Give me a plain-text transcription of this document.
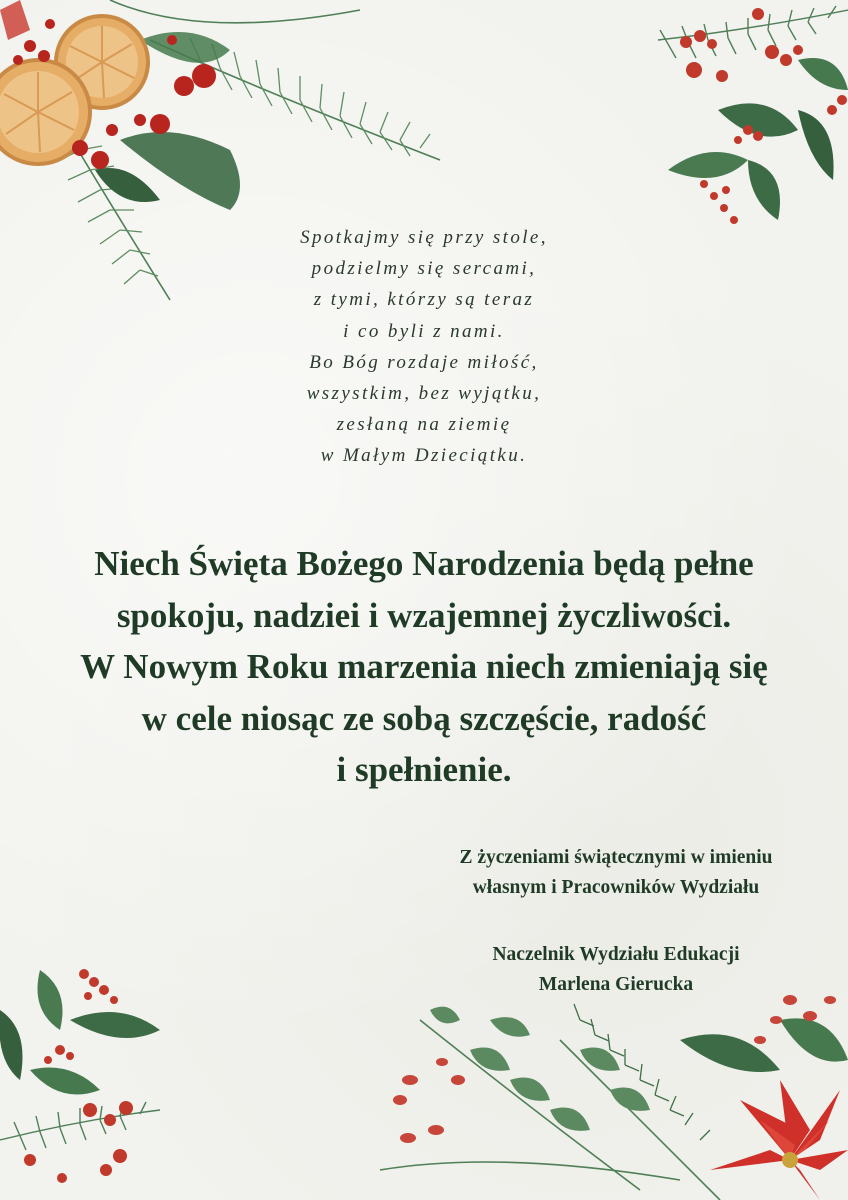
Spotkajmy się przy stole,
podzielmy się sercami,
z tymi, którzy są teraz
i co byli z nami.
Bo Bóg rozdaje miłość,
wszystkim, bez wyjątku,
zesłaną na ziemię
w Małym Dzieciątku.
Niech Święta Bożego Narodzenia będą pełne
spokoju, nadziei i wzajemnej życzliwości.
W Nowym Roku marzenia niech zmieniają się
w cele niosąc ze sobą szczęście, radość
i spełnienie.
Z życzeniami świątecznymi w imieniu
własnym i Pracowników Wydziału
Naczelnik Wydziału Edukacji
Marlena Gierucka
